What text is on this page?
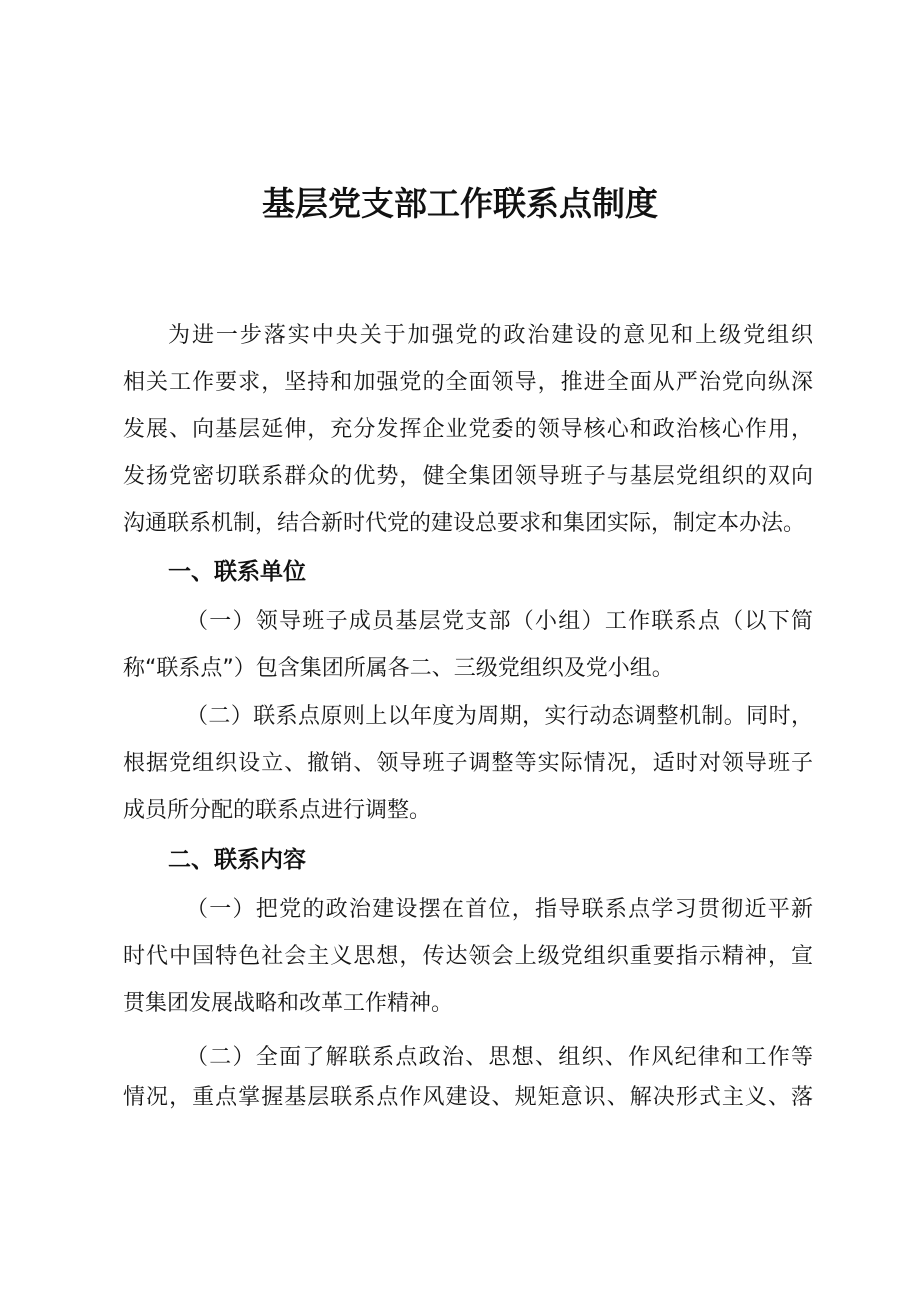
基层党支部工作联系点制度
为进一步落实中央关于加强党的政治建设的意见和上级党组织
相关工作要求，坚持和加强党的全面领导，推进全面从严治党向纵深
发展、向基层延伸，充分发挥企业党委的领导核心和政治核心作用，
发扬党密切联系群众的优势，健全集团领导班子与基层党组织的双向
沟通联系机制，结合新时代党的建设总要求和集团实际，制定本办法。
一、联系单位
（一）领导班子成员基层党支部（小组）工作联系点（以下简
称“联系点”）包含集团所属各二、三级党组织及党小组。
（二）联系点原则上以年度为周期，实行动态调整机制。同时，
根据党组织设立、撤销、领导班子调整等实际情况，适时对领导班子
成员所分配的联系点进行调整。
二、联系内容
（一）把党的政治建设摆在首位，指导联系点学习贯彻近平新
时代中国特色社会主义思想，传达领会上级党组织重要指示精神，宣
贯集团发展战略和改革工作精神。
（二）全面了解联系点政治、思想、组织、作风纪律和工作等
情况，重点掌握基层联系点作风建设、规矩意识、解决形式主义、落
